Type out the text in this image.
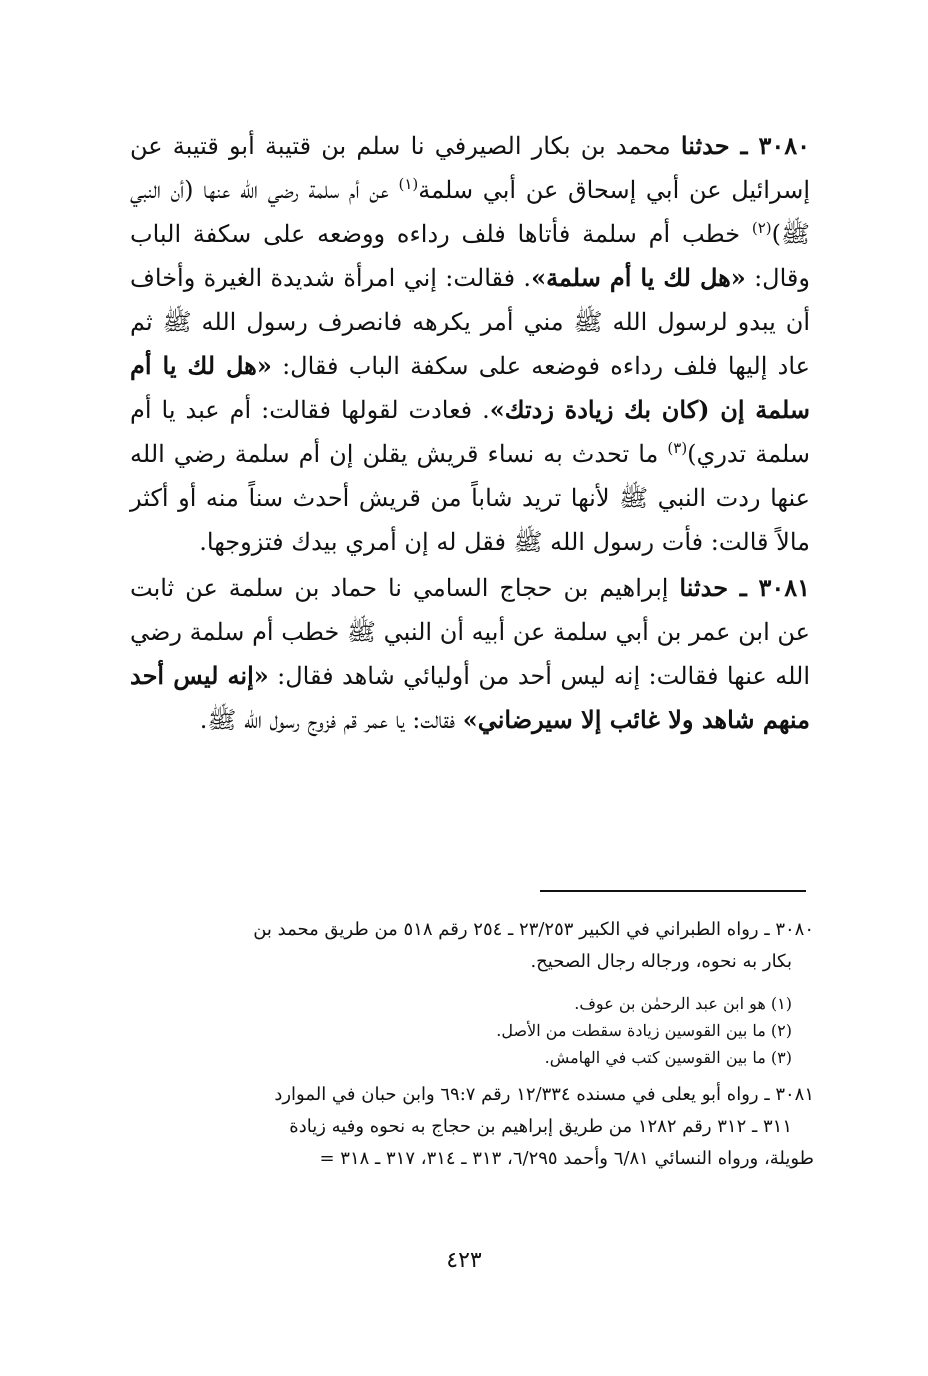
٣٠٨٠ ـ حدثنا محمد بن بكار الصيرفي نا سلم بن قتيبة أبو قتيبة عن إسرائيل عن أبي إسحاق عن أبي سلمة$^{(١)}$ عن أم سلمة رضي الله عنها (أن النبي ﷺ)$^{(٢)}$ خطب أم سلمة فأتاها فلف رداءه ووضعه على سكفة الباب وقال: «هل لك يا أم سلمة». فقالت: إني امرأة شديدة الغيرة وأخاف أن يبدو لرسول الله ﷺ مني أمر يكرهه فانصرف رسول الله ﷺ ثم عاد إليها فلف رداءه فوضعه على سكفة الباب فقال: «هل لك يا أم سلمة إن (كان بك زيادة زدتك». فعادت لقولها فقالت: أم عبد يا أم سلمة تدري)$^{(٣)}$ ما تحدث به نساء قريش يقلن إن أم سلمة رضي الله عنها ردت النبي ﷺ لأنها تريد شاباً من قريش أحدث سناً منه أو أكثر مالاً قالت: فأت رسول الله ﷺ فقل له إن أمري بيدك فتزوجها.

٣٠٨١ ـ حدثنا إبراهيم بن حجاج السامي نا حماد بن سلمة عن ثابت عن ابن عمر بن أبي سلمة عن أبيه أن النبي ﷺ خطب أم سلمة رضي الله عنها فقالت: إنه ليس أحد من أوليائي شاهد فقال: «إنه ليس أحد منهم شاهد ولا غائب إلا سيرضاني» فقالت: يا عمر قم فزوج رسول الله ﷺ.

٣٠٨٠ ـ رواه الطبراني في الكبير ٢٣/٢٥٣ ـ ٢٥٤ رقم ٥١٨ من طريق محمد بن

بكار به نحوه، ورجاله رجال الصحيح.

(١) هو ابن عبد الرحمٰن بن عوف.
(٢) ما بين القوسين زيادة سقطت من الأصل.
(٣) ما بين القوسين كتب في الهامش.

٣٠٨١ ـ رواه أبو يعلى في مسنده ١٢/٣٣٤ رقم ٦٩:٧ وابن حبان في الموارد

٣١١ ـ ٣١٢ رقم ١٢٨٢ من طريق إبراهيم بن حجاج به نحوه وفيه زيادة

طويلة، ورواه النسائي ٦/٨١ وأحمد ٦/٢٩٥، ٣١٣ ـ ٣١٤، ٣١٧ ـ ٣١٨ =

٤٢٣
